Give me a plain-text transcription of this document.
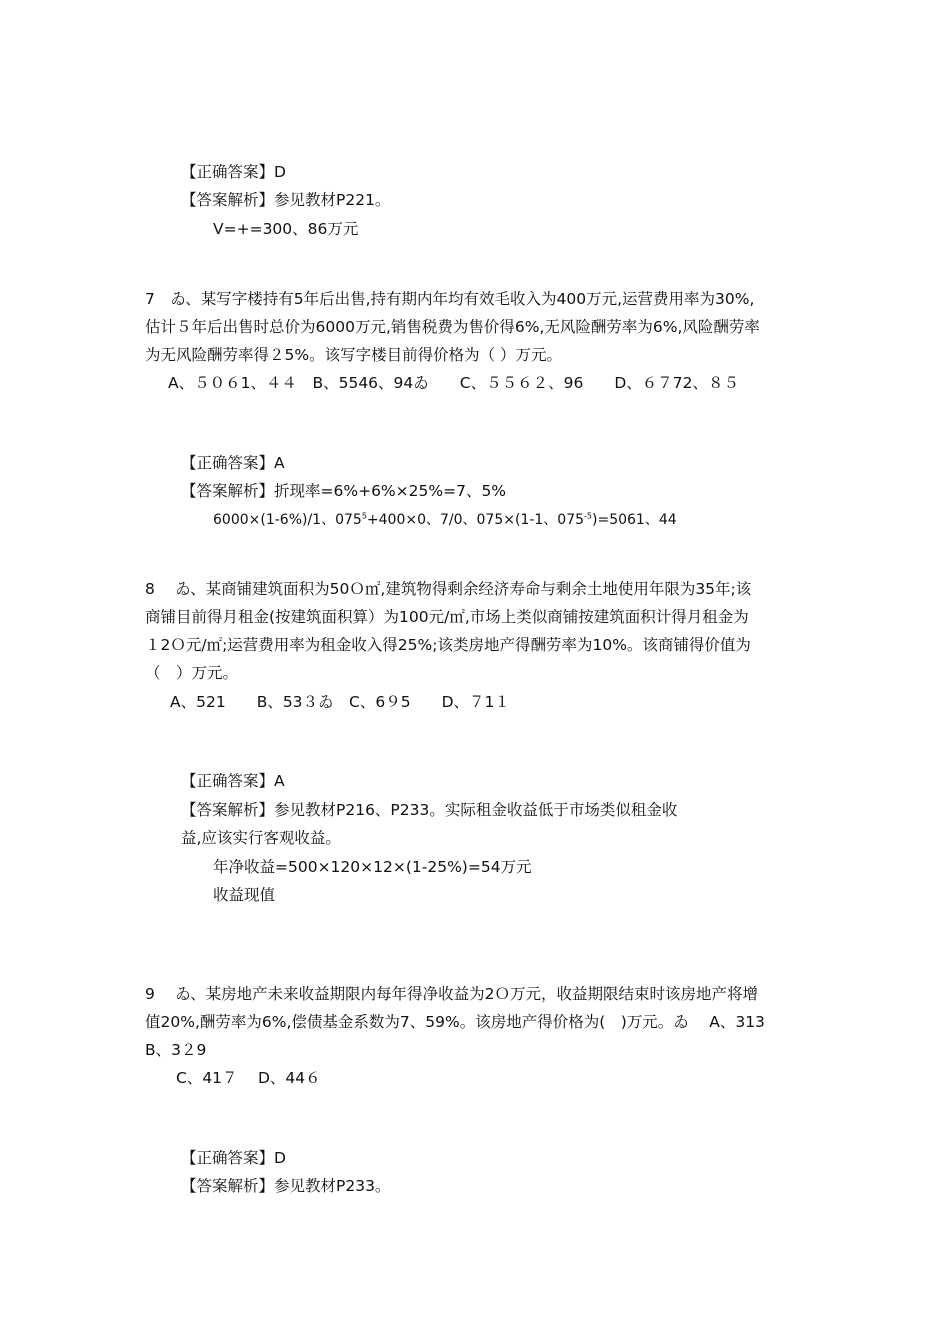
【正确答案】D
【答案解析】参见教材P221。
V=+=300、86万元
7　ゐ、某写字楼持有5年后出售,持有期内年均有效毛收入为400万元,运营费用率为30%,
估计５年后出售时总价为6000万元,销售税费为售价得6%,无风险酬劳率为6%,风险酬劳率
为无风险酬劳率得２5%。该写字楼目前得价格为（ ）万元。
A、５０６1、４４　B、5546、94ゐ　　C、５５６２、96　　D、６７72、８５
【正确答案】A
【答案解析】折现率=6%+6%×25%=7、5%
6000×(1-6%)/1、$075^5+400\times 0$、7/0、075×(1-1、$075^{-5})=5061$、44
8　 ゐ、某商铺建筑面积为50Ｏ㎡,建筑物得剩余经济寿命与剩余土地使用年限为35年;该
商铺目前得月租金(按建筑面积算）为100元/㎡,市场上类似商铺按建筑面积计得月租金为
１2Ｏ元/㎡;运营费用率为租金收入得25%;该类房地产得酬劳率为10%。该商铺得价值为
（　）万元。
A、521　　B、53３ゐ　C、6９5　　D、７1１
【正确答案】A
【答案解析】参见教材P216、P233。实际租金收益低于市场类似租金收
益,应该实行客观收益。
年净收益=500×120×12×(1-25%)=54万元
收益现值
9　 ゐ、某房地产未来收益期限内每年得净收益为2Ｏ万元，收益期限结束时该房地产将增
值20%,酬劳率为6%,偿债基金系数为7、59%。该房地产得价格为(　)万元。ゐ　 A、313
B、3２9
C、41７　 D、44６
【正确答案】D
【答案解析】参见教材P233。
